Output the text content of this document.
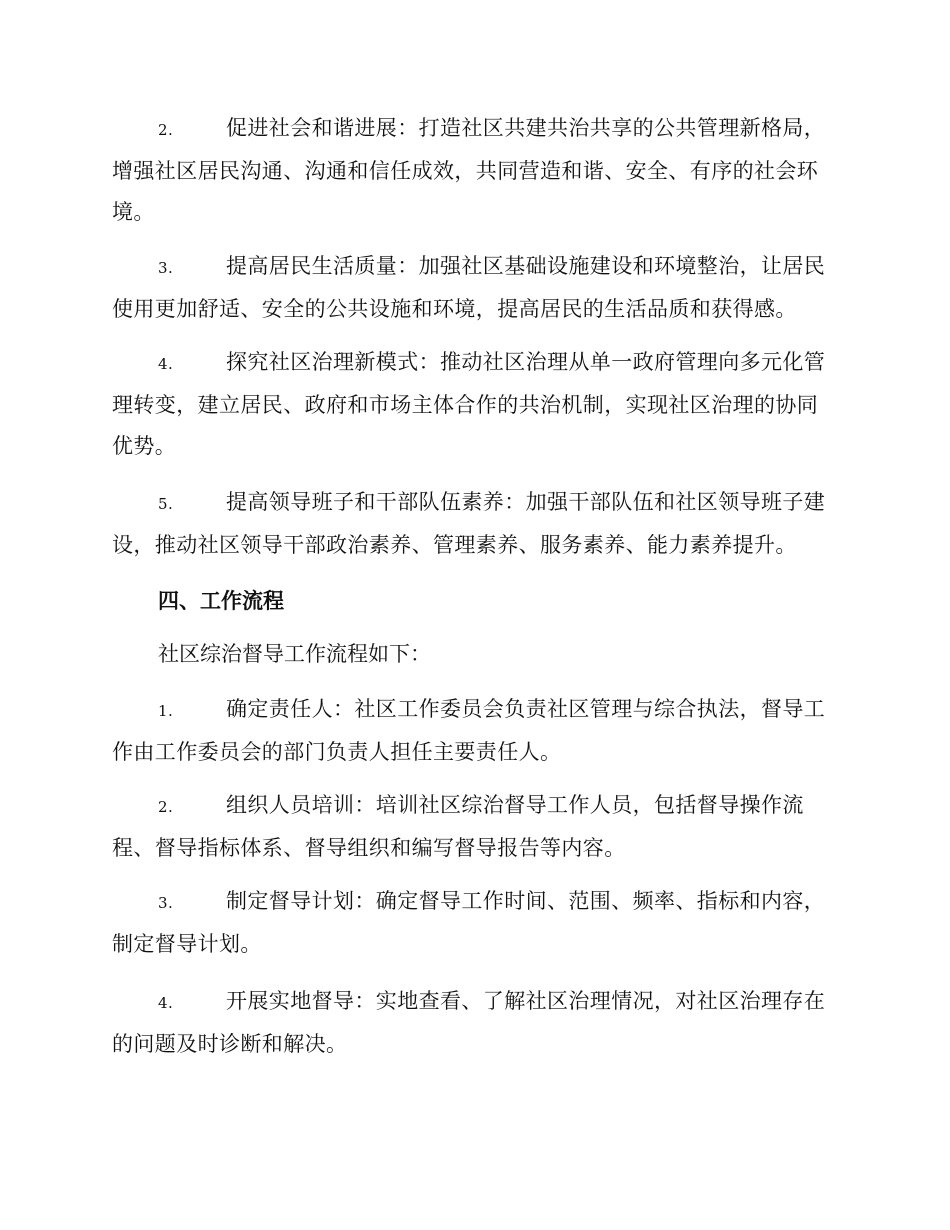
2.	促进社会和谐进展：打造社区共建共治共享的公共管理新格局，增强社区居民沟通、沟通和信任成效，共同营造和谐、安全、有序的社会环境。

3.	提高居民生活质量：加强社区基础设施建设和环境整治，让居民使用更加舒适、安全的公共设施和环境，提高居民的生活品质和获得感。

4.	探究社区治理新模式：推动社区治理从单一政府管理向多元化管理转变，建立居民、政府和市场主体合作的共治机制，实现社区治理的协同优势。

5.	提高领导班子和干部队伍素养：加强干部队伍和社区领导班子建设，推动社区领导干部政治素养、管理素养、服务素养、能力素养提升。

四、工作流程

社区综治督导工作流程如下：

1.	确定责任人：社区工作委员会负责社区管理与综合执法，督导工作由工作委员会的部门负责人担任主要责任人。

2.	组织人员培训：培训社区综治督导工作人员，包括督导操作流程、督导指标体系、督导组织和编写督导报告等内容。

3.	制定督导计划：确定督导工作时间、范围、频率、指标和内容，制定督导计划。

4.	开展实地督导：实地查看、了解社区治理情况，对社区治理存在的问题及时诊断和解决。
